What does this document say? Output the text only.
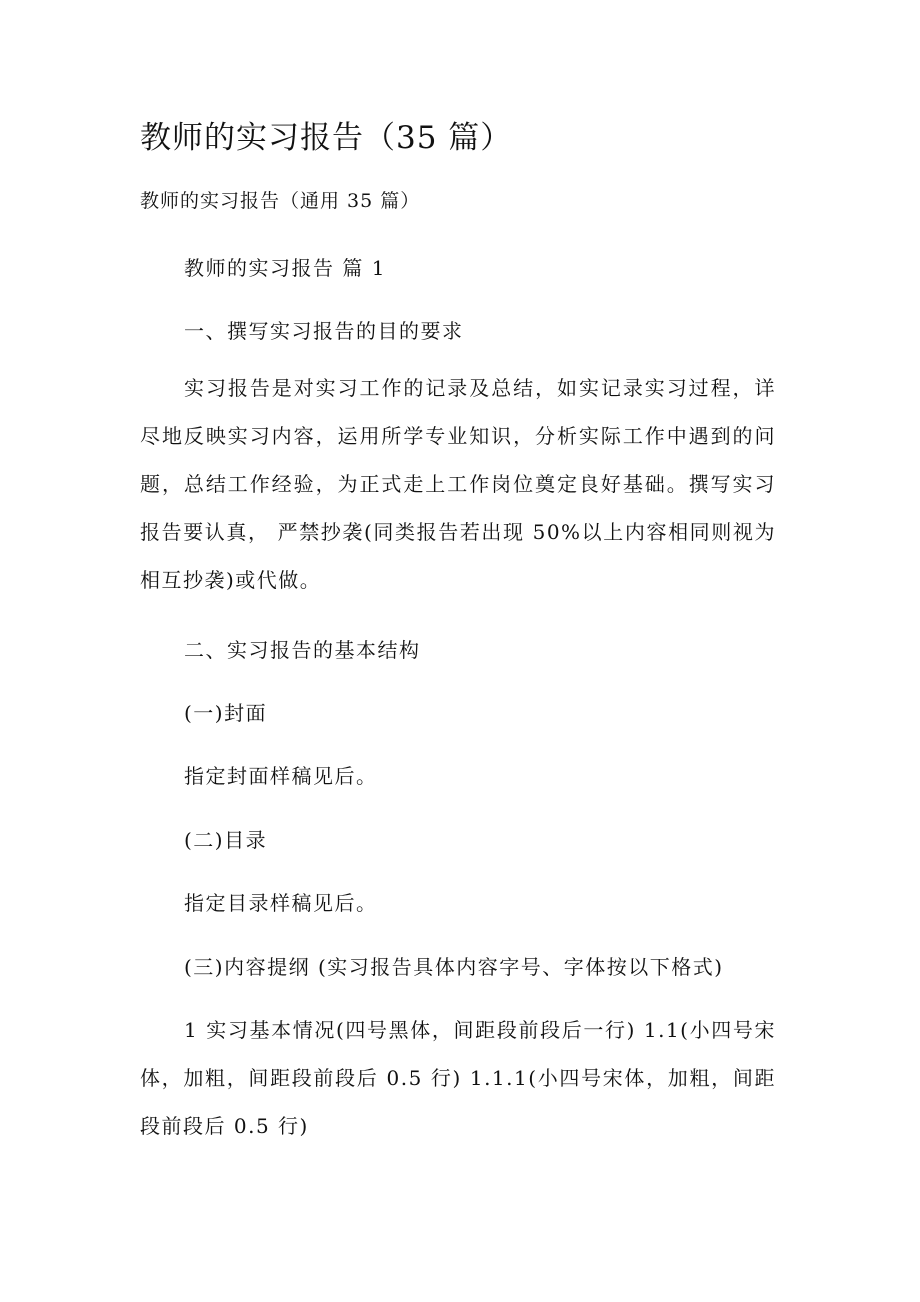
教师的实习报告（35 篇）
教师的实习报告（通用 35 篇）
教师的实习报告 篇 1
一、撰写实习报告的目的要求
实习报告是对实习工作的记录及总结，如实记录实习过程，详尽地反映实习内容，运用所学专业知识，分析实际工作中遇到的问题，总结工作经验，为正式走上工作岗位奠定良好基础。撰写实习报告要认真， 严禁抄袭(同类报告若出现 50%以上内容相同则视为相互抄袭)或代做。
二、实习报告的基本结构
(一)封面
指定封面样稿见后。
(二)目录
指定目录样稿见后。
(三)内容提纲 (实习报告具体内容字号、字体按以下格式)
1 实习基本情况(四号黑体，间距段前段后一行) 1.1(小四号宋体，加粗，间距段前段后 0.5 行) 1.1.1(小四号宋体，加粗，间距段前段后 0.5 行)
